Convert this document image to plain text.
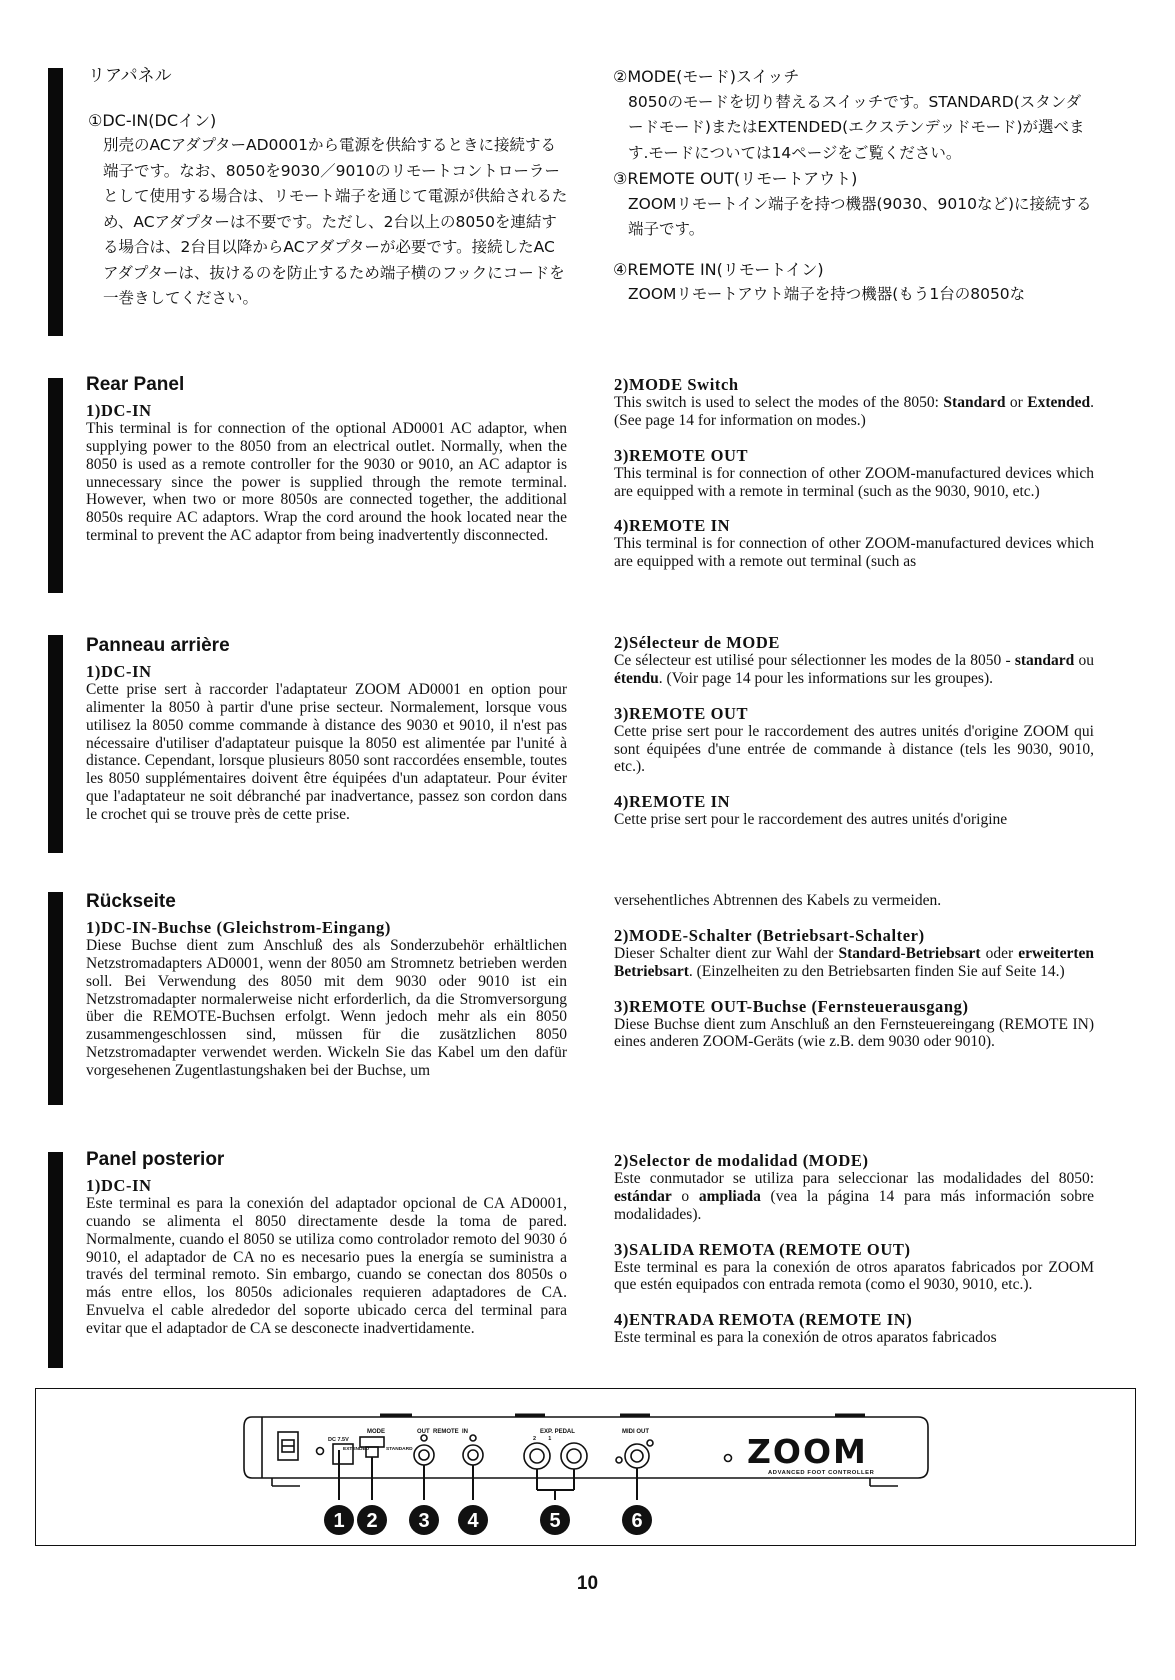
リアパネル
①DC-IN(DCイン)
別売のACアダプターAD0001から電源を供給するときに接続する端子です。なお、8050を9030／9010のリモートコントローラーとして使用する場合は、リモート端子を通じて電源が供給されるため、ACアダプターは不要です。ただし、2台以上の8050を連結する場合は、2台目以降からACアダプターが必要です。接続したACアダプターは、抜けるのを防止するため端子横のフックにコードを一巻きしてください。
②MODE(モード)スイッチ
8050のモードを切り替えるスイッチです。STANDARD(スタンダードモード)またはEXTENDED(エクステンデッドモード)が選べます.モードについては14ページをご覧ください。
③REMOTE OUT(リモートアウト)
ZOOMリモートイン端子を持つ機器(9030、9010など)に接続する端子です。
④REMOTE IN(リモートイン)
ZOOMリモートアウト端子を持つ機器(もう1台の8050な
Rear Panel
1)DC-IN

This terminal is for connection of the optional AD0001 AC adaptor, when supplying power to the 8050 from an electrical outlet. Normally, when the 8050 is used as a remote controller for the 9030 or 9010, an AC adaptor is unnecessary since the power is supplied through the remote terminal. However, when two or more 8050s are connected together, the additional 8050s require AC adaptors. Wrap the cord around the hook located near the terminal to prevent the AC adaptor from being inadvertently disconnected.

2)MODE Switch

This switch is used to select the modes of the 8050: Standard or Extended. (See page 14 for information on modes.)

3)REMOTE OUT

This terminal is for connection of other ZOOM-manufactured devices which are equipped with a remote in terminal (such as the 9030, 9010, etc.)

4)REMOTE IN

This terminal is for connection of other ZOOM-manufactured devices which are equipped with a remote out terminal (such as

Panneau arrière
1)DC-IN

Cette prise sert à raccorder l'adaptateur ZOOM AD0001 en option pour alimenter la 8050 à partir d'une prise secteur. Normalement, lorsque vous utilisez la 8050 comme commande à distance des 9030 et 9010, il n'est pas nécessaire d'utiliser d'adaptateur puisque la 8050 est alimentée par l'unité à distance. Cependant, lorsque plusieurs 8050 sont raccordées ensemble, toutes les 8050 supplémentaires doivent être équipées d'un adaptateur. Pour éviter que l'adaptateur ne soit débranché par inadvertance, passez son cordon dans le crochet qui se trouve près de cette prise.

2)Sélecteur de MODE

Ce sélecteur est utilisé pour sélectionner les modes de la 8050 - standard ou étendu. (Voir page 14 pour les informations sur les groupes).

3)REMOTE OUT

Cette prise sert pour le raccordement des autres unités d'origine ZOOM qui sont équipées d'une entrée de commande à distance (tels les 9030, 9010, etc.).

4)REMOTE IN

Cette prise sert pour le raccordement des autres unités d'origine

Rückseite
1)DC-IN-Buchse (Gleichstrom-Eingang)

Diese Buchse dient zum Anschluß des als Sonderzubehör erhältlichen Netzstromadapters AD0001, wenn der 8050 am Stromnetz betrieben werden soll. Bei Verwendung des 8050 mit dem 9030 oder 9010 ist ein Netzstromadapter normalerweise nicht erforderlich, da die Stromversorgung über die REMOTE-Buchsen erfolgt. Wenn jedoch mehr als ein 8050 zusammengeschlossen sind, müssen für die zusätzlichen 8050 Netzstromadapter verwendet werden. Wickeln Sie das Kabel um den dafür vorgesehenen Zugentlastungshaken bei der Buchse, um

versehentliches Abtrennen des Kabels zu vermeiden.

2)MODE-Schalter (Betriebsart-Schalter)

Dieser Schalter dient zur Wahl der Standard-Betriebsart oder erweiterten Betriebsart. (Einzelheiten zu den Betriebsarten finden Sie auf Seite 14.)

3)REMOTE OUT-Buchse (Fernsteuerausgang)

Diese Buchse dient zum Anschluß an den Fernsteuereingang (REMOTE IN) eines anderen ZOOM-Geräts (wie z.B. dem 9030 oder 9010).

Panel posterior
1)DC-IN

Este terminal es para la conexión del adaptador opcional de CA AD0001, cuando se alimenta el 8050 directamente desde la toma de pared. Normalmente, cuando el 8050 se utiliza como controlador remoto del 9030 ó 9010, el adaptador de CA no es necesario pues la energía se suministra a través del terminal remoto. Sin embargo, cuando se conectan dos 8050s o más entre ellos, los 8050s adicionales requieren adaptadores de CA. Envuelva el cable alrededor del soporte ubicado cerca del terminal para evitar que el adaptador de CA se desconecte inadvertidamente.

2)Selector de modalidad (MODE)

Este conmutador se utiliza para seleccionar las modalidades del 8050: estándar o ampliada (vea la página 14 para más información sobre modalidades).

3)SALIDA REMOTA (REMOTE OUT)

Este terminal es para la conexión de otros aparatos fabricados por ZOOM que estén equipados con entrada remota (como el 9030, 9010, etc.).

4)ENTRADA REMOTA (REMOTE IN)

Este terminal es para la conexión de otros aparatos fabricados

DC 7.5V
MODE
EXTENDED	STANDARD
OUT  REMOTE  IN	EXP. PEDAL
2        1
MIDI OUT	ZOOM
ADVANCED FOOT CONTROLLER
1 2 3 4	5	6
10
